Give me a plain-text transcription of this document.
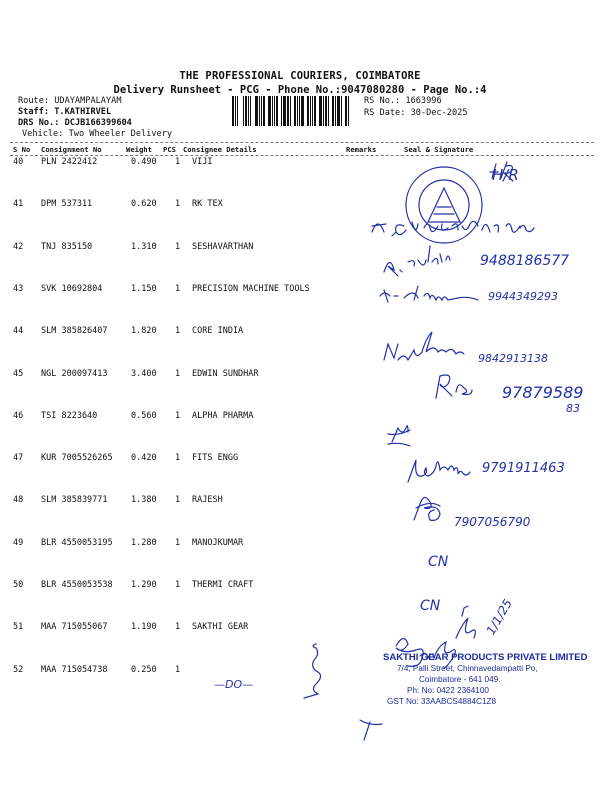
THE PROFESSIONAL COURIERS, COIMBATORE
Delivery Runsheet - PCG - Phone No.:9047080280 - Page No.:4
Route: UDAYAMPALAYAM
Staff: T.KATHIRVEL
DRS No.: DCJB166399604
Vehicle: Two Wheeler Delivery
RS No.: 1663996
RS Date: 30-Dec-2025
S No Consignment No	Weight PCS Consignee Details	Remarks	Seal & Signature
40 PLN 2422412	0.490 1 VIJI
41 DPM 537311	0.620 1 RK TEX
42 TNJ 835150	1.310 1 SESHAVARTHAN
43 SVK 10692804	1.150 1 PRECISION MACHINE TOOLS
44 SLM 385826407	1.820 1 CORE INDIA
45 NGL 200097413	3.400 1 EDWIN SUNDHAR
46 TSI 8223640	0.560 1 ALPHA PHARMA
47 KUR 7005526265 0.420 1 FITS ENGG
48 SLM 385839771	1.380 1 RAJESH
49 BLR 4550053195 1.280 1 MANOJKUMAR
50 BLR 4550053538 1.290 1 THERMI CRAFT
51 MAA 715055067	1.190 1 SAKTHI GEAR
52 MAA 715054738	0.250 1
H/R
9488186577
9944349293
9842913138
97879589
83
9791911463
7907056790
CN
CN	1/1/25
—DO—
SAKTHI GEAR PRODUCTS PRIVATE LIMITED
7/4, Palli Street, Chinnavedampatti Po,
Coimbatore - 641 049.
Ph: No: 0422 2364100
GST No: 33AABCS4884C1Z8
